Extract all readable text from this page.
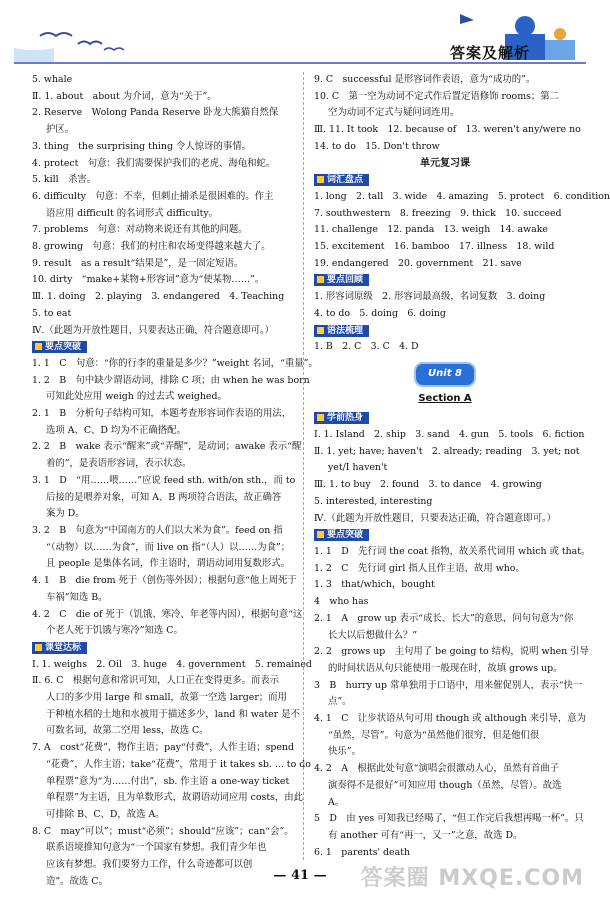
答案及解析
5. whale
Ⅱ. 1. about　about 为介词，意为“关于”。
2. Reserve　Wolong Panda Reserve 卧龙大熊猫自然保
护区。
3. thing　the surprising thing 令人惊讶的事情。
4. protect　句意：我们需要保护我们的老虎、海龟和蛇。
5. kill　杀害。
6. difficulty　句意：不幸，但刺止捕杀是很困难的。作主
语应用 difficult 的名词形式 difficulty。
7. problems　句意：对动物来说还有其他的问题。
8. growing　句意：我们的村庄和农场变得越来越大了。
9. result　as a result“结果是”，是一固定短语。
10. dirty　“make+某物+形容词”意为“使某物……”。
Ⅲ. 1. doing　2. playing　3. endangered　4. Teaching
5. to eat
Ⅳ.（此题为开放性题目，只要表达正确，符合题意即可。）
要点突破
1. 1　C　句意：“你的行李的重量是多少？”weight 名词，“重量”。
1. 2　B　句中缺少谓语动词，排除 C 项；由 when he was born
可知此处应用 weigh 的过去式 weighed。
2. 1　B　分析句子结构可知，本题考查形容词作表语的用法，
选项 A、C、D 均为不正确搭配。
2. 2　B　wake 表示“醒来”或“弄醒”，是动词；awake 表示“醒
着的”，是表语形容词，表示状态。
3. 1　D　“用……喂……”应说 feed sth. with/on sth.，而 to
后接的是喂养对象，可知 A、B 两项符合语法，故正确答
案为 D。
3. 2　B　句意为“中国南方的人们以大米为食”。feed on 指
“（动物）以……为食”，而 live on 指“（人）以……为食”；
且 people 是集体名词，作主语时，谓语动词用复数形式。
4. 1　B　die from 死于（创伤等外因）；根据句意“他上周死于
车祸”知选 B。
4. 2　C　die of 死于（饥饿、寒冷、年老等内因），根据句意“这
个老人死于饥饿与寒冷”知选 C。
课堂达标
Ⅰ. 1. weighs　2. Oil　3. huge　4. government　5. remained
Ⅱ. 6. C　根据句意和常识可知，人口正在变得更多。而表示
人口的多少用 large 和 small，故第一空选 larger；而用
于种植水稻的土地和水被用于描述多少，land 和 water 是不
可数名词，故第二空用 less，故选 C。
7. A　cost“花费”，物作主语；pay“付费”，人作主语；spend
“花费”，人作主语；take“花费”，常用于 it takes sb. ... to do
单程票”意为“为……付出”，sb. 作主语 a one-way ticket
单程票”为主语，且为单数形式，故谓语动词应用 costs，由此
可排除 B、C、D，故选 A。
8. C　may“可以”；must“必须”；should“应该”；can“会”。
联系语境推知句意为“一个国家有梦想。我们青少年也
应该有梦想。我们要努力工作，什么奇迹都可以创
造”。故选 C。
9. C　successful 是形容词作表语，意为“成功的”。
10. C　第一空为动词不定式作后置定语修饰 rooms；第二
空为动词不定式与疑问词连用。
Ⅲ. 11. It took　12. because of　13. weren't any/were no
14. to do　15. Don't throw
单元复习课
词汇盘点
1. long　2. tall　3. wide　4. amazing　5. protect　6. condition
7. southwestern　8. freezing　9. thick　10. succeed
11. challenge　12. panda　13. weigh　14. awake
15. excitement　16. bamboo　17. illness　18. wild
19. endangered　20. government　21. save
要点回顾
1. 形容词原级　2. 形容词最高级，名词复数　3. doing
4. to do　5. doing　6. doing
语法梳理
1. B　2. C　3. C　4. D
Unit 8
Section A
学前热身
Ⅰ. 1. Island　2. ship　3. sand　4. gun　5. tools　6. fiction
Ⅱ. 1. yet; have; haven't　2. already; reading　3. yet; not
yet/I haven't
Ⅲ. 1. to buy　2. found　3. to dance　4. growing
5. interested, interesting
Ⅳ.（此题为开放性题目，只要表达正确，符合题意即可。）
要点突破
1. 1　D　先行词 the coat 指物，故关系代词用 which 或 that。
1. 2　C　先行词 girl 指人且作主语，故用 who。
1. 3　that/which，bought
4　who has
2. 1　A　grow up 表示“成长、长大”的意思，问句句意为“你
长大以后想做什么？”
2. 2　grows up　主句用了 be going to 结构，说明 when 引导
的时间状语从句只能使用一般现在时，故填 grows up。
3　B　hurry up 常单独用于口语中，用来催促别人，表示“快一
点”。
4. 1　C　让步状语从句可用 though 或 although 来引导，意为
“虽然，尽管”。句意为“虽然他们很穷，但是他们很
快乐”。
4. 2　A　根据此处句意“演唱会很激动人心，虽然有首曲子
演奏得不是很好”可知应用 though（虽然，尽管）。故选
A。
5　D　由 yes 可知我已经喝了，“但工作完后我想再喝一杯”。只
有 another 可有“再一，又一”之意，故选 D。
6. 1　parents' death
— 41 —	答案圈 MXQE.COM
